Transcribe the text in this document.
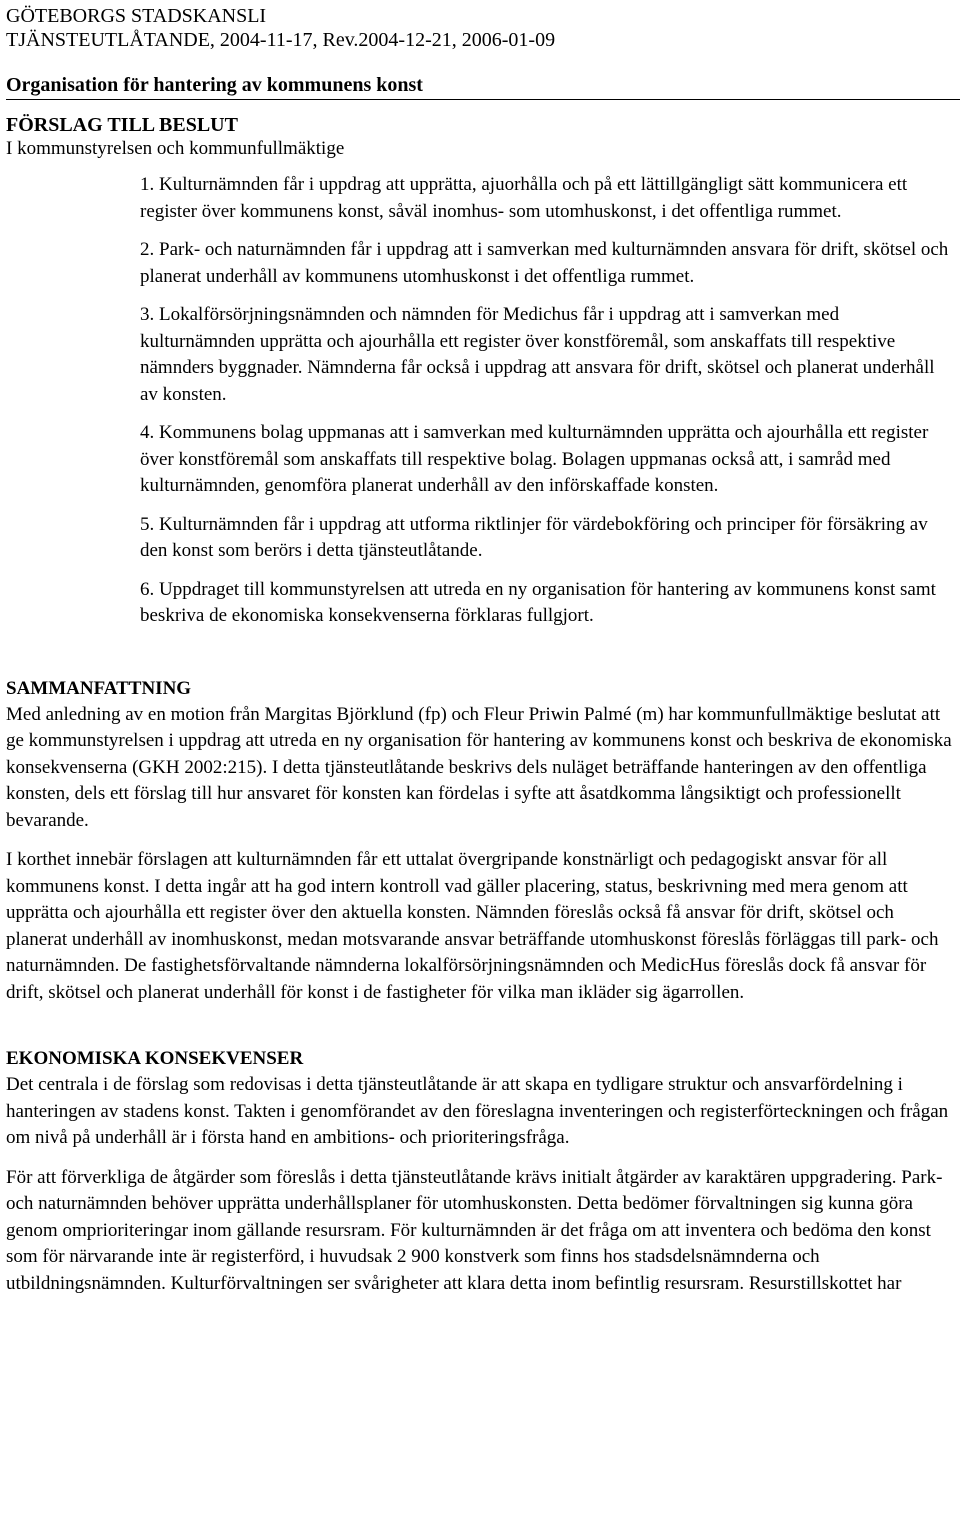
GÖTEBORGS STADSKANSLI
TJÄNSTEUTLÅTANDE, 2004-11-17, Rev.2004-12-21, 2006-01-09
Organisation för hantering av kommunens konst
FÖRSLAG TILL BESLUT
I kommunstyrelsen och kommunfullmäktige
1. Kulturnämnden får i uppdrag att upprätta, ajuorhålla och på ett lättillgängligt sätt kommunicera ett register över kommunens konst, såväl inomhus- som utomhuskonst, i det offentliga rummet.
2. Park- och naturnämnden får i uppdrag att i samverkan med kulturnämnden ansvara för drift, skötsel och planerat underhåll av kommunens utomhuskonst i det offentliga rummet.
3. Lokalförsörjningsnämnden och nämnden för Medichus får i uppdrag att i samverkan med kulturnämnden upprätta och ajourhålla ett register över konstföremål, som anskaffats till respektive nämnders byggnader. Nämnderna får också i uppdrag att ansvara för drift, skötsel och planerat underhåll av konsten.
4. Kommunens bolag uppmanas att i samverkan med kulturnämnden upprätta och ajourhålla ett register över konstföremål som anskaffats till respektive bolag. Bolagen uppmanas också att, i samråd med kulturnämnden, genomföra planerat underhåll av den införskaffade konsten.
5. Kulturnämnden får i uppdrag att utforma riktlinjer för värdebokföring och principer för försäkring av den konst som berörs i detta tjänsteutlåtande.
6. Uppdraget till kommunstyrelsen att utreda en ny organisation för hantering av kommunens konst samt beskriva de ekonomiska konsekvenserna förklaras fullgjort.
SAMMANFATTNING

Med anledning av en motion från Margitas Björklund (fp) och Fleur Priwin Palmé (m) har kommunfullmäktige beslutat att ge kommunstyrelsen i uppdrag att utreda en ny organisation för hantering av kommunens konst och beskriva de ekonomiska konsekvenserna (GKH 2002:215). I detta tjänsteutlåtande beskrivs dels nuläget beträffande hanteringen av den offentliga konsten, dels ett förslag till hur ansvaret för konsten kan fördelas i syfte att åsatdkomma långsiktigt och professionellt bevarande.

I korthet innebär förslagen att kulturnämnden får ett uttalat övergripande konstnärligt och pedagogiskt ansvar för all kommunens konst. I detta ingår att ha god intern kontroll vad gäller placering, status, beskrivning med mera genom att upprätta och ajourhålla ett register över den aktuella konsten. Nämnden föreslås också få ansvar för drift, skötsel och planerat underhåll av inomhuskonst, medan motsvarande ansvar beträffande utomhuskonst föreslås förläggas till park- och naturnämnden. De fastighetsförvaltande nämnderna lokalförsörjningsnämnden och MedicHus föreslås dock få ansvar för drift, skötsel och planerat underhåll för konst i de fastigheter för vilka man ikläder sig ägarrollen.

EKONOMISKA KONSEKVENSER

Det centrala i de förslag som redovisas i detta tjänsteutlåtande är att skapa en tydligare struktur och ansvarfördelning i hanteringen av stadens konst. Takten i genomförandet av den föreslagna inventeringen och registerförteckningen och frågan om nivå på underhåll är i första hand en ambitions- och prioriteringsfråga.

För att förverkliga de åtgärder som föreslås i detta tjänsteutlåtande krävs initialt åtgärder av karaktären uppgradering. Park- och naturnämnden behöver upprätta underhållsplaner för utomhuskonsten. Detta bedömer förvaltningen sig kunna göra genom omprioriteringar inom gällande resursram. För kulturnämnden är det fråga om att inventera och bedöma den konst som för närvarande inte är registerförd, i huvudsak 2 900 konstverk som finns hos stadsdelsnämnderna och utbildningsnämnden. Kulturförvaltningen ser svårigheter att klara detta inom befintlig resursram. Resurstillskottet har
